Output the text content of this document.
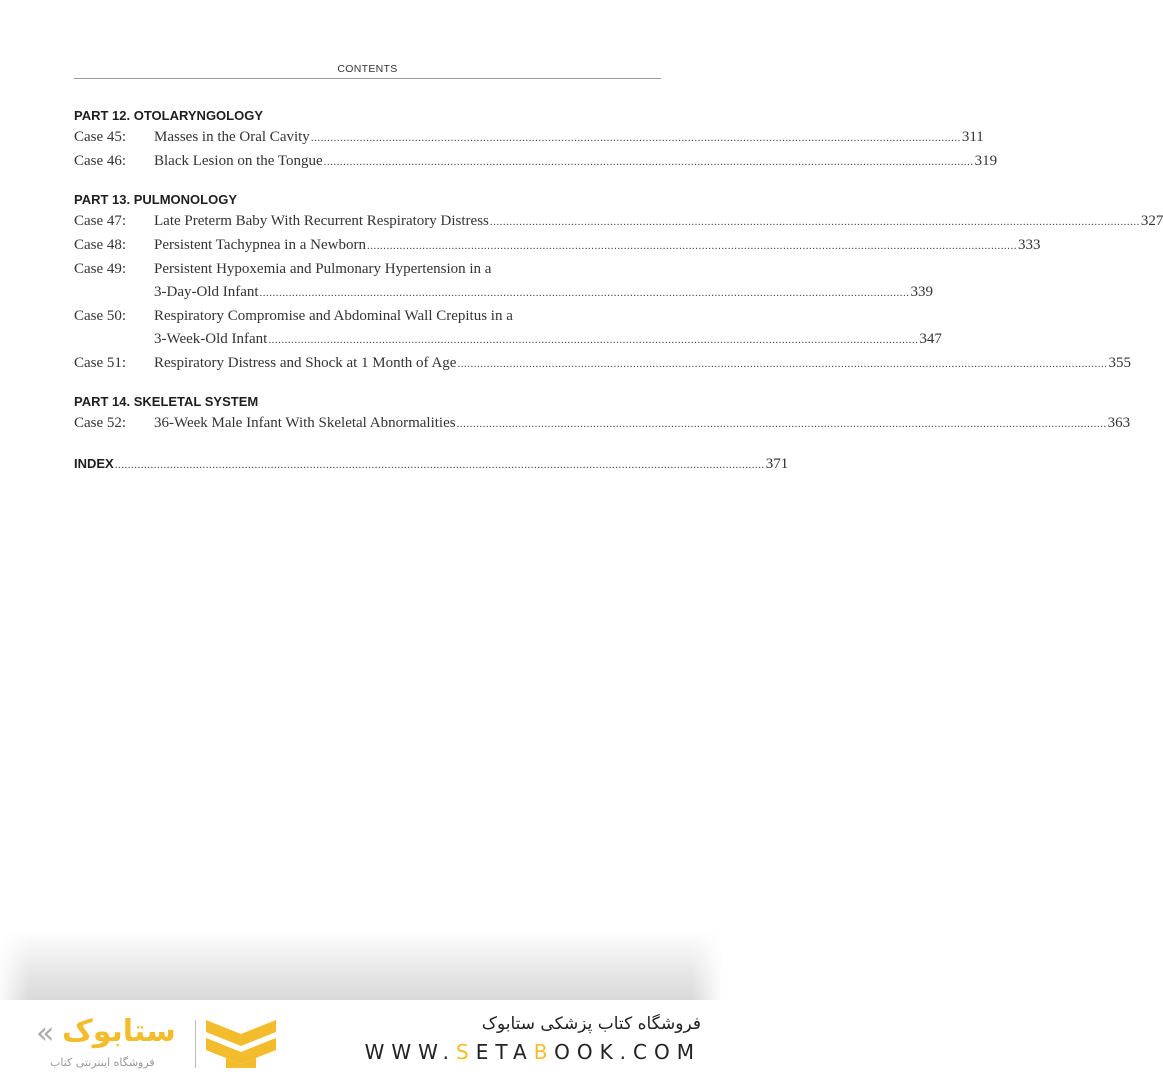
CONTENTS
PART 12. OTOLARYNGOLOGY
Case 45:	Masses in the Oral Cavity .....	311
Case 46:	Black Lesion on the Tongue .....	319
PART 13. PULMONOLOGY
Case 47:	Late Preterm Baby With Recurrent Respiratory Distress .....	327
Case 48:	Persistent Tachypnea in a Newborn .....	333
Case 49:	Persistent Hypoxemia and Pulmonary Hypertension in a
3-Day-Old Infant .....	339
Case 50:	Respiratory Compromise and Abdominal Wall Crepitus in a
3-Week-Old Infant .....	347
Case 51:	Respiratory Distress and Shock at 1 Month of Age .....	355
PART 14. SKELETAL SYSTEM
Case 52:	36-Week Male Infant With Skeletal Abnormalities .....	363
INDEX .....	371
« ستابوک
فروشگاه اینترنتی کتاب
فروشگاه کتاب پزشکی ستابوک
WWW.SETABOOK.COM
